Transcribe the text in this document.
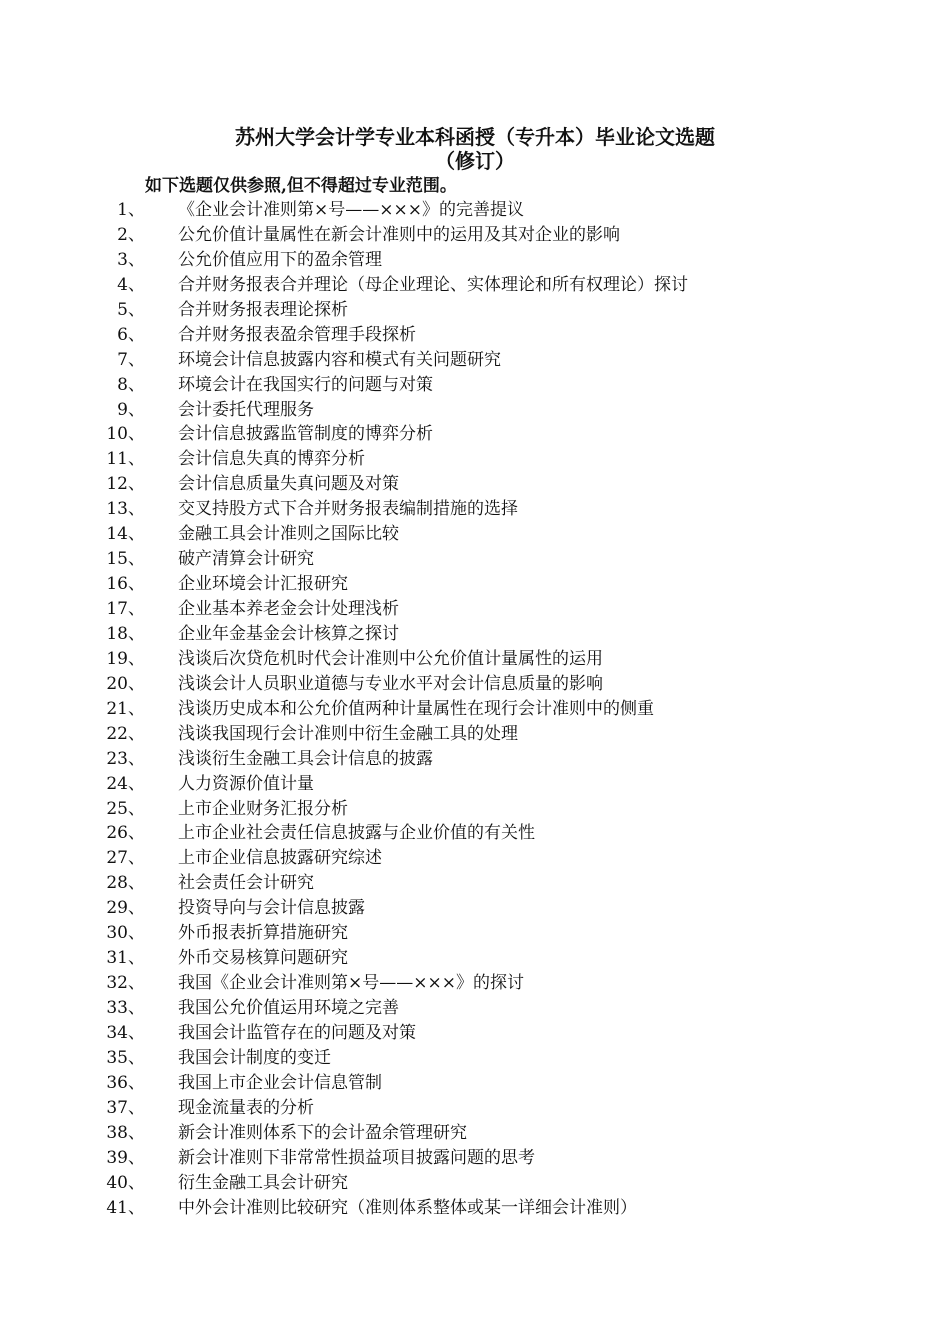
苏州大学会计学专业本科函授（专升本）毕业论文选题
（修订）

如下选题仅供参照,但不得超过专业范围。

1、 《企业会计准则第×号——×××》的完善提议
2、 公允价值计量属性在新会计准则中的运用及其对企业的影响
3、 公允价值应用下的盈余管理
4、 合并财务报表合并理论（母企业理论、实体理论和所有权理论）探讨
5、 合并财务报表理论探析
6、 合并财务报表盈余管理手段探析
7、 环境会计信息披露内容和模式有关问题研究
8、 环境会计在我国实行的问题与对策
9、 会计委托代理服务
10、 会计信息披露监管制度的博弈分析
11、 会计信息失真的博弈分析
12、 会计信息质量失真问题及对策
13、 交叉持股方式下合并财务报表编制措施的选择
14、 金融工具会计准则之国际比较
15、 破产清算会计研究
16、 企业环境会计汇报研究
17、 企业基本养老金会计处理浅析
18、 企业年金基金会计核算之探讨
19、 浅谈后次贷危机时代会计准则中公允价值计量属性的运用
20、 浅谈会计人员职业道德与专业水平对会计信息质量的影响
21、 浅谈历史成本和公允价值两种计量属性在现行会计准则中的侧重
22、 浅谈我国现行会计准则中衍生金融工具的处理
23、 浅谈衍生金融工具会计信息的披露
24、 人力资源价值计量
25、 上市企业财务汇报分析
26、 上市企业社会责任信息披露与企业价值的有关性
27、 上市企业信息披露研究综述
28、 社会责任会计研究
29、 投资导向与会计信息披露
30、 外币报表折算措施研究
31、 外币交易核算问题研究
32、 我国《企业会计准则第×号——×××》的探讨
33、 我国公允价值运用环境之完善
34、 我国会计监管存在的问题及对策
35、 我国会计制度的变迁
36、 我国上市企业会计信息管制
37、 现金流量表的分析
38、 新会计准则体系下的会计盈余管理研究
39、 新会计准则下非常常性损益项目披露问题的思考
40、 衍生金融工具会计研究
41、 中外会计准则比较研究（准则体系整体或某一详细会计准则）
